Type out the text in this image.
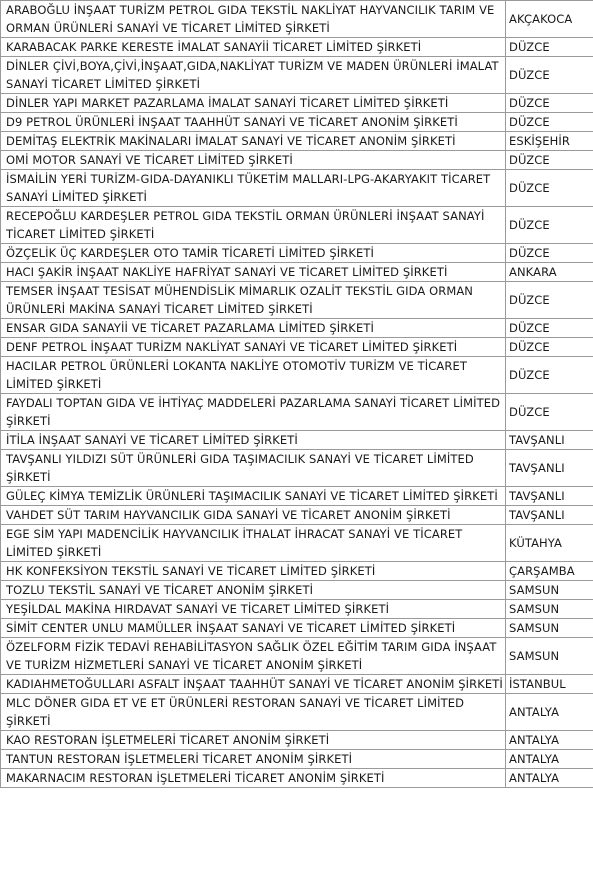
ARABOĞLU İNŞAAT TURİZM PETROL GIDA TEKSTİL NAKLİYAT HAYVANCILIK TARIM VE ORMAN ÜRÜNLERİ SANAYİ VE TİCARET LİMİTED ŞİRKETİ	AKÇAKOCA
KARABACAK PARKE KERESTE İMALAT SANAYİİ TİCARET LİMİTED ŞİRKETİ	DÜZCE
DİNLER ÇİVİ,BOYA,ÇİVİ,İNŞAAT,GIDA,NAKLİYAT TURİZM VE MADEN ÜRÜNLERİ İMALAT SANAYİ TİCARET LİMİTED ŞİRKETİ	DÜZCE
DİNLER YAPI MARKET PAZARLAMA İMALAT SANAYİ TİCARET LİMİTED ŞİRKETİ	DÜZCE
D9 PETROL ÜRÜNLERİ İNŞAAT TAAHHÜT SANAYİ VE TİCARET ANONİM ŞİRKETİ	DÜZCE
DEMİTAŞ ELEKTRİK MAKİNALARI İMALAT SANAYİ VE TİCARET ANONİM ŞİRKETİ	ESKİŞEHİR
OMİ MOTOR SANAYİ VE TİCARET LİMİTED ŞİRKETİ	DÜZCE
İSMAİLİN YERİ TURİZM-GIDA-DAYANIKLI TÜKETİM MALLARI-LPG-AKARYAKIT TİCARET SANAYİ LİMİTED ŞİRKETİ	DÜZCE
RECEPOĞLU KARDEŞLER PETROL GIDA TEKSTİL ORMAN ÜRÜNLERİ İNŞAAT SANAYİ TİCARET LİMİTED ŞİRKETİ	DÜZCE
ÖZÇELİK ÜÇ KARDEŞLER OTO TAMİR TİCARETİ LİMİTED ŞİRKETİ	DÜZCE
HACI ŞAKİR İNŞAAT NAKLİYE HAFRİYAT SANAYİ VE TİCARET LİMİTED ŞİRKETİ	ANKARA
TEMSER İNŞAAT TESİSAT MÜHENDİSLİK MİMARLIK OZALİT TEKSTİL GIDA ORMAN ÜRÜNLERİ MAKİNA SANAYİ TİCARET LİMİTED ŞİRKETİ	DÜZCE
ENSAR GIDA SANAYİİ VE TİCARET PAZARLAMA LİMİTED ŞİRKETİ	DÜZCE
DENF PETROL İNŞAAT TURİZM NAKLİYAT SANAYİ VE TİCARET LİMİTED ŞİRKETİ	DÜZCE
HACILAR PETROL ÜRÜNLERİ LOKANTA NAKLİYE OTOMOTİV TURİZM VE TİCARET LİMİTED ŞİRKETİ	DÜZCE
FAYDALI TOPTAN GIDA VE İHTİYAÇ MADDELERİ PAZARLAMA SANAYİ TİCARET LİMİTED ŞİRKETİ	DÜZCE
İTİLA İNŞAAT SANAYİ VE TİCARET LİMİTED ŞİRKETİ	TAVŞANLI
TAVŞANLI YILDIZI SÜT ÜRÜNLERİ GIDA TAŞIMACILIK SANAYİ VE TİCARET LİMİTED ŞİRKETİ	TAVŞANLI
GÜLEÇ KİMYA TEMİZLİK ÜRÜNLERİ TAŞIMACILIK SANAYİ VE TİCARET LİMİTED ŞİRKETİ	TAVŞANLI
VAHDET SÜT TARIM HAYVANCILIK GIDA SANAYİ VE TİCARET ANONİM ŞİRKETİ	TAVŞANLI
EGE SİM YAPI MADENCİLİK HAYVANCILIK İTHALAT İHRACAT SANAYİ VE TİCARET LİMİTED ŞİRKETİ	KÜTAHYA
HK KONFEKSİYON TEKSTİL SANAYİ VE TİCARET LİMİTED ŞİRKETİ	ÇARŞAMBA
TOZLU TEKSTİL SANAYİ VE TİCARET ANONİM ŞİRKETİ	SAMSUN
YEŞİLDAL MAKİNA HIRDAVAT SANAYİ VE TİCARET LİMİTED ŞİRKETİ	SAMSUN
SİMİT CENTER UNLU MAMÜLLER İNŞAAT SANAYİ VE TİCARET LİMİTED ŞİRKETİ	SAMSUN
ÖZELFORM FİZİK TEDAVİ REHABİLİTASYON SAĞLIK ÖZEL EĞİTİM TARIM GIDA İNŞAAT VE TURİZM HİZMETLERİ SANAYİ VE TİCARET ANONİM ŞİRKETİ	SAMSUN
KADIAHMETOĞULLARI ASFALT İNŞAAT TAAHHÜT SANAYİ VE TİCARET ANONİM ŞİRKETİ	İSTANBUL
MLC DÖNER GIDA ET VE ET ÜRÜNLERİ RESTORAN SANAYİ VE TİCARET LİMİTED ŞİRKETİ	ANTALYA
KAO RESTORAN İŞLETMELERİ TİCARET ANONİM ŞİRKETİ	ANTALYA
TANTUN RESTORAN İŞLETMELERİ TİCARET ANONİM ŞİRKETİ	ANTALYA
MAKARNACIM RESTORAN İŞLETMELERİ TİCARET ANONİM ŞİRKETİ	ANTALYA
